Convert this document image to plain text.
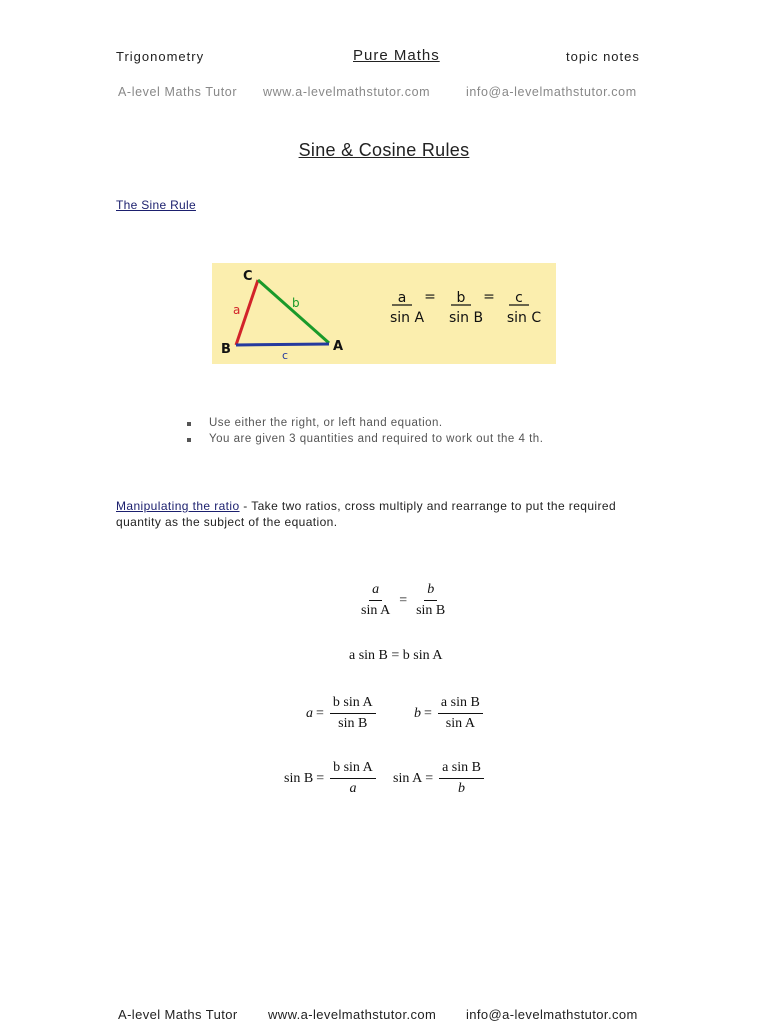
Trigonometry	Pure Maths	topic notes
A-level Maths Tutor www.a-levelmathstutor.com	info@a-levelmathstutor.com
Sine & Cosine Rules
The Sine Rule
C
B	A
a	b
c
a
sin A
= b
sin B
= c
sin C
Use either the right, or left hand equation.
You are given 3 quantities and required to work out the 4 th.
Manipulating the ratio - Take two ratios, cross multiply and rearrange to put the required
quantity as the subject of the equation.
$\frac{a}{\text{sin A}} = \frac{b}{\text{sin B}}$
a sin B = b sin A
$a = \frac{\text{b sin A}}{\text{sin B}}$	$b = \frac{\text{a sin B}}{\text{sin A}}$
$\sin B = \frac{\text{b sin A}}{a}$ $\sin A = \frac{\text{a sin B}}{b}$
A-level Maths Tutor www.a-levelmathstutor.com info@a-levelmathstutor.com
